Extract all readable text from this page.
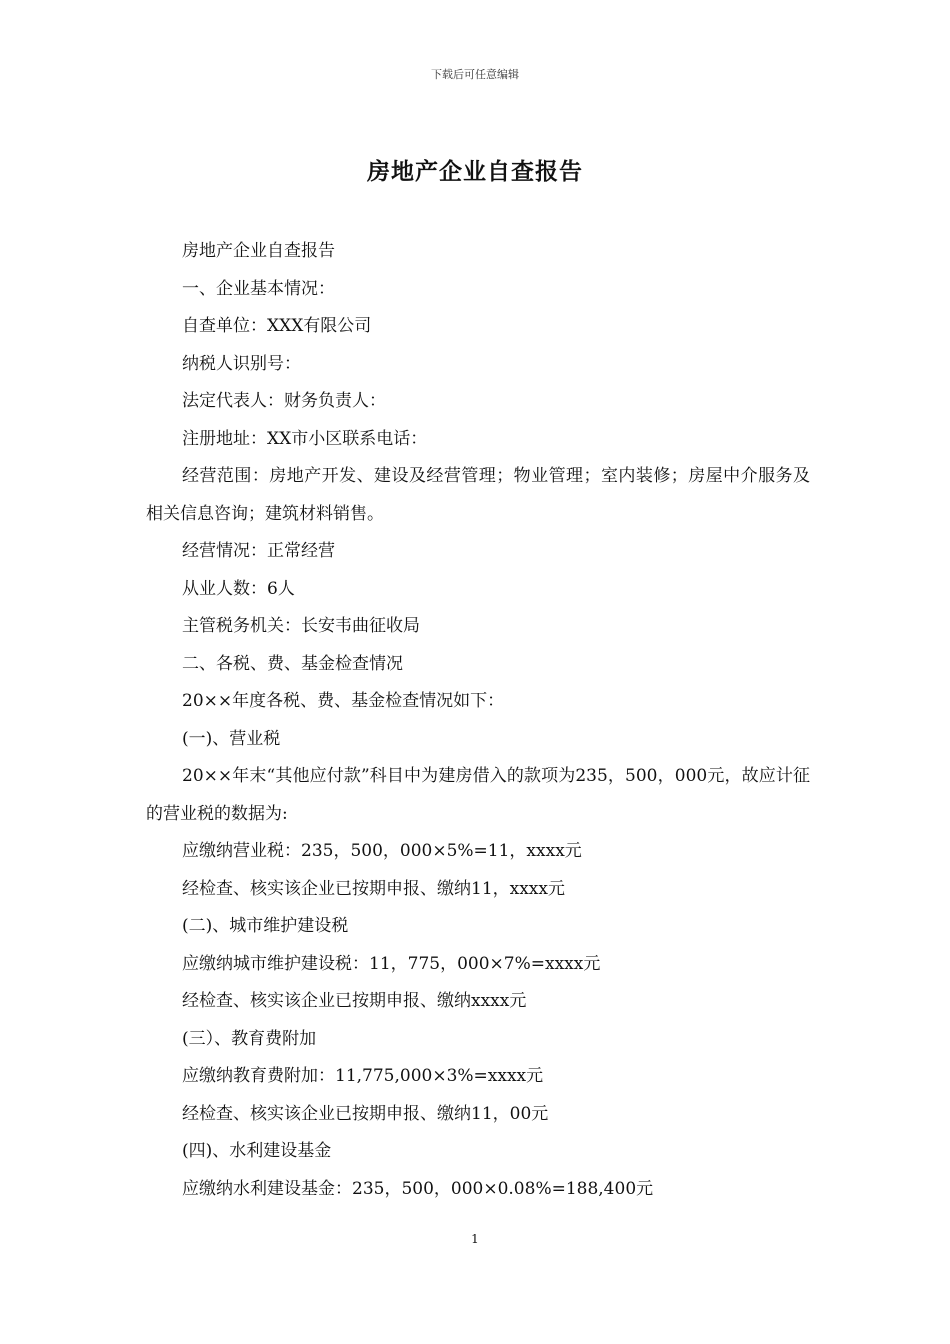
下载后可任意编辑
房地产企业自查报告

房地产企业自查报告

一、企业基本情况：

自查单位：XXX有限公司

纳税人识别号：

法定代表人：财务负责人：

注册地址：XX市小区联系电话：

经营范围：房地产开发、建设及经营管理；物业管理；室内装修；房屋中介服务及相关信息咨询；建筑材料销售。

经营情况：正常经营

从业人数：6人

主管税务机关：长安韦曲征收局

二、各税、费、基金检查情况

20××年度各税、费、基金检查情况如下：

(一)、营业税

20××年末“其他应付款”科目中为建房借入的款项为235，500，000元，故应计征的营业税的数据为:

应缴纳营业税：235，500，000×5%=11，xxxx元

经检查、核实该企业已按期申报、缴纳11，xxxx元

(二)、城市维护建设税

应缴纳城市维护建设税：11，775，000×7%=xxxx元

经检查、核实该企业已按期申报、缴纳xxxx元

(三）、教育费附加

应缴纳教育费附加：11,775,000×3%=xxxx元

经检查、核实该企业已按期申报、缴纳11，00元

(四)、水利建设基金

应缴纳水利建设基金：235，500，000×0.08%=188,400元

1
